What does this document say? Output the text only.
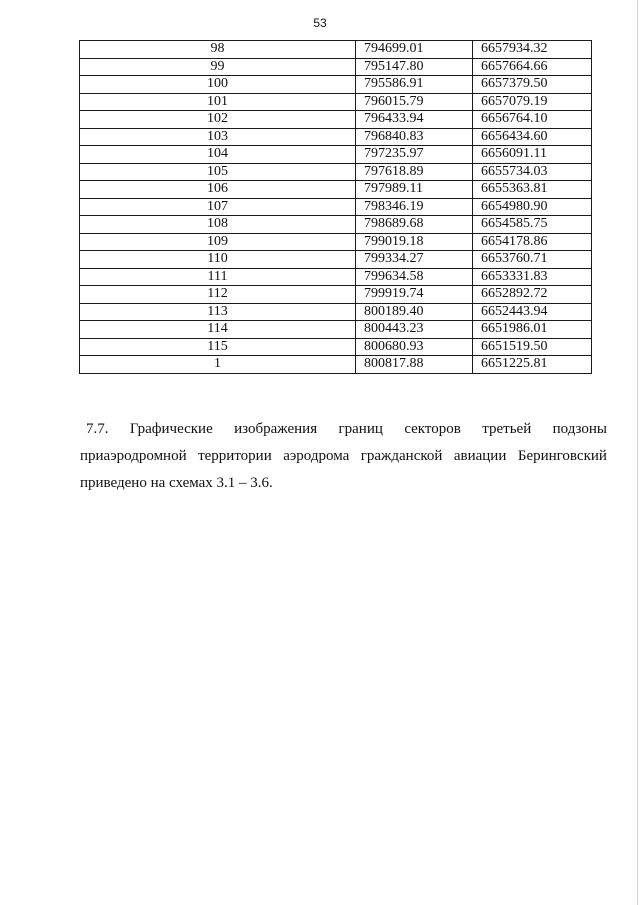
53
98	794699.01	6657934.32
99	795147.80	6657664.66
100	795586.91	6657379.50
101	796015.79	6657079.19
102	796433.94	6656764.10
103	796840.83	6656434.60
104	797235.97	6656091.11
105	797618.89	6655734.03
106	797989.11	6655363.81
107	798346.19	6654980.90
108	798689.68	6654585.75
109	799019.18	6654178.86
110	799334.27	6653760.71
111	799634.58	6653331.83
112	799919.74	6652892.72
113	800189.40	6652443.94
114	800443.23	6651986.01
115	800680.93	6651519.50
1	800817.88	6651225.81
7.7. Графические изображения границ секторов третьей подзоны
приаэродромной территории аэродрома гражданской авиации Беринговский
приведено на схемах 3.1 – 3.6.
